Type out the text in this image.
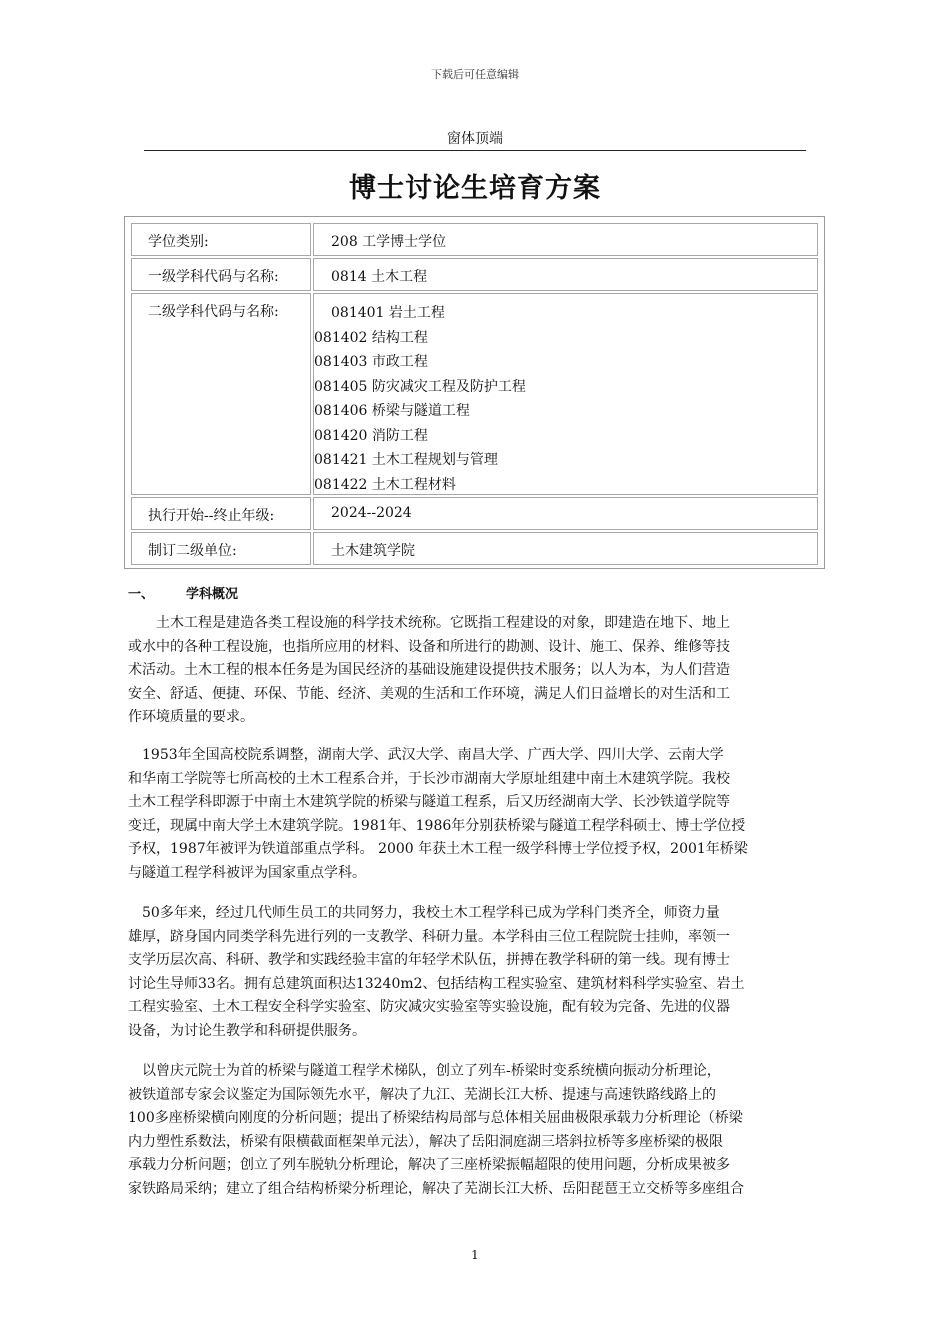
下载后可任意编辑
窗体顶端
博士讨论生培育方案
学位类别:	208 工学博士学位
一级学科代码与名称:	0814 土木工程
二级学科代码与名称:	081401 岩土工程
081402 结构工程
081403 市政工程
081405 防灾减灾工程及防护工程
081406 桥梁与隧道工程
081420 消防工程
081421 土木工程规划与管理
081422 土木工程材料
执行开始--终止年级:	2024--2024
制订二级单位:	土木建筑学院
一、 学科概况
　　土木工程是建造各类工程设施的科学技术统称。它既指工程建设的对象，即建造在地下、地上
或水中的各种工程设施，也指所应用的材料、设备和所进行的勘测、设计、施工、保养、维修等技
术活动。土木工程的根本任务是为国民经济的基础设施建设提供技术服务；以人为本，为人们营造
安全、舒适、便捷、环保、节能、经济、美观的生活和工作环境，满足人们日益增长的对生活和工
作环境质量的要求。
　1953年全国高校院系调整，湖南大学、武汉大学、南昌大学、广西大学、四川大学、云南大学
和华南工学院等七所高校的土木工程系合并，于长沙市湖南大学原址组建中南土木建筑学院。我校
土木工程学科即源于中南土木建筑学院的桥梁与隧道工程系，后又历经湖南大学、长沙铁道学院等
变迁，现属中南大学土木建筑学院。1981年、1986年分别获桥梁与隧道工程学科硕士、博士学位授
予权，1987年被评为铁道部重点学科。 2000 年获土木工程一级学科博士学位授予权，2001年桥梁
与隧道工程学科被评为国家重点学科。
　50多年来，经过几代师生员工的共同努力，我校土木工程学科已成为学科门类齐全，师资力量
雄厚，跻身国内同类学科先进行列的一支教学、科研力量。本学科由三位工程院院士挂帅，率领一
支学历层次高、科研、教学和实践经验丰富的年轻学术队伍，拼搏在教学科研的第一线。现有博士
讨论生导师33名。拥有总建筑面积达13240m2、包括结构工程实验室、建筑材料科学实验室、岩土
工程实验室、土木工程安全科学实验室、防灾减灾实验室等实验设施，配有较为完备、先进的仪器
设备，为讨论生教学和科研提供服务。
　以曾庆元院士为首的桥梁与隧道工程学术梯队，创立了列车-桥梁时变系统横向振动分析理论，
被铁道部专家会议鉴定为国际领先水平，解决了九江、芜湖长江大桥、提速与高速铁路线路上的
100多座桥梁横向刚度的分析问题；提出了桥梁结构局部与总体相关屈曲极限承载力分析理论（桥梁
内力塑性系数法，桥梁有限横截面框架单元法），解决了岳阳洞庭湖三塔斜拉桥等多座桥梁的极限
承载力分析问题；创立了列车脱轨分析理论，解决了三座桥梁振幅超限的使用问题，分析成果被多
家铁路局采纳；建立了组合结构桥梁分析理论，解决了芜湖长江大桥、岳阳琵琶王立交桥等多座组合
1
